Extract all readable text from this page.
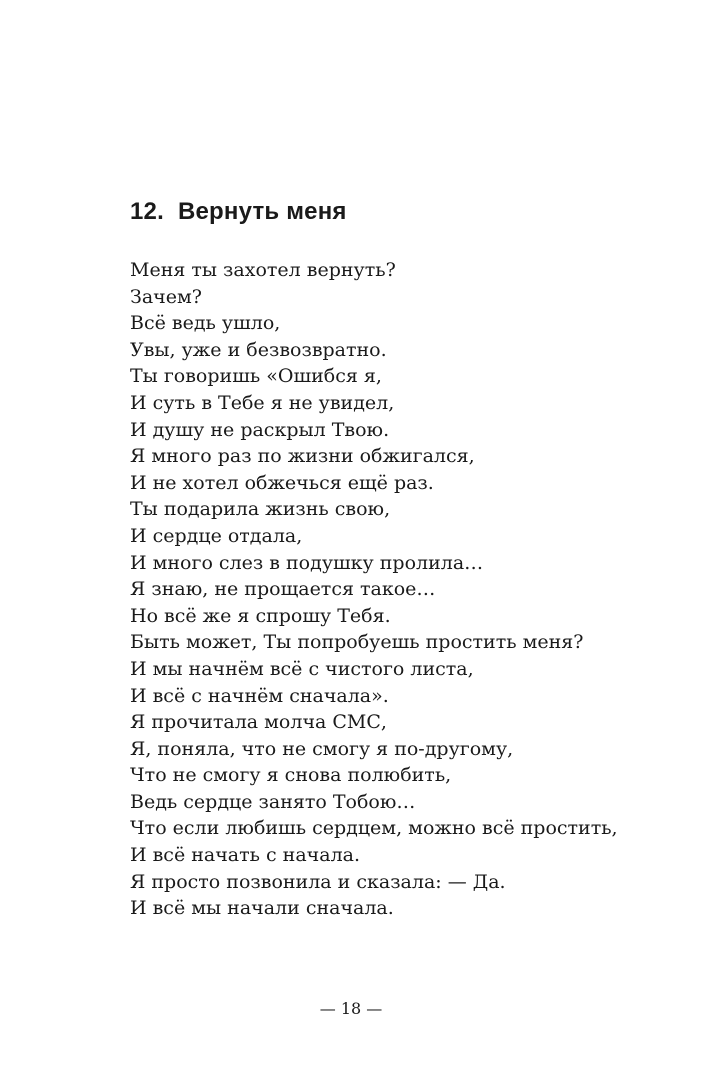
12. Вернуть меня
Меня ты захотел вернуть?
Зачем?
Всё ведь ушло,
Увы, уже и безвозвратно.
Ты говоришь «Ошибся я,
И суть в Тебе я не увидел,
И душу не раскрыл Твою.
Я много раз по жизни обжигался,
И не хотел обжечься ещё раз.
Ты подарила жизнь свою,
И сердце отдала,
И много слез в подушку пролила…
Я знаю, не прощается такое…
Но всё же я спрошу Тебя.
Быть может, Ты попробуешь простить меня?
И мы начнём всё с чистого листа,
И всё с начнём сначала».
Я прочитала молча СМС,
Я, поняла, что не смогу я по-другому,
Что не смогу я снова полюбить,
Ведь сердце занято Тобою…
Что если любишь сердцем, можно всё простить,
И всё начать с начала.
Я просто позвонила и сказала: — Да.
И всё мы начали сначала.
— 18 —
